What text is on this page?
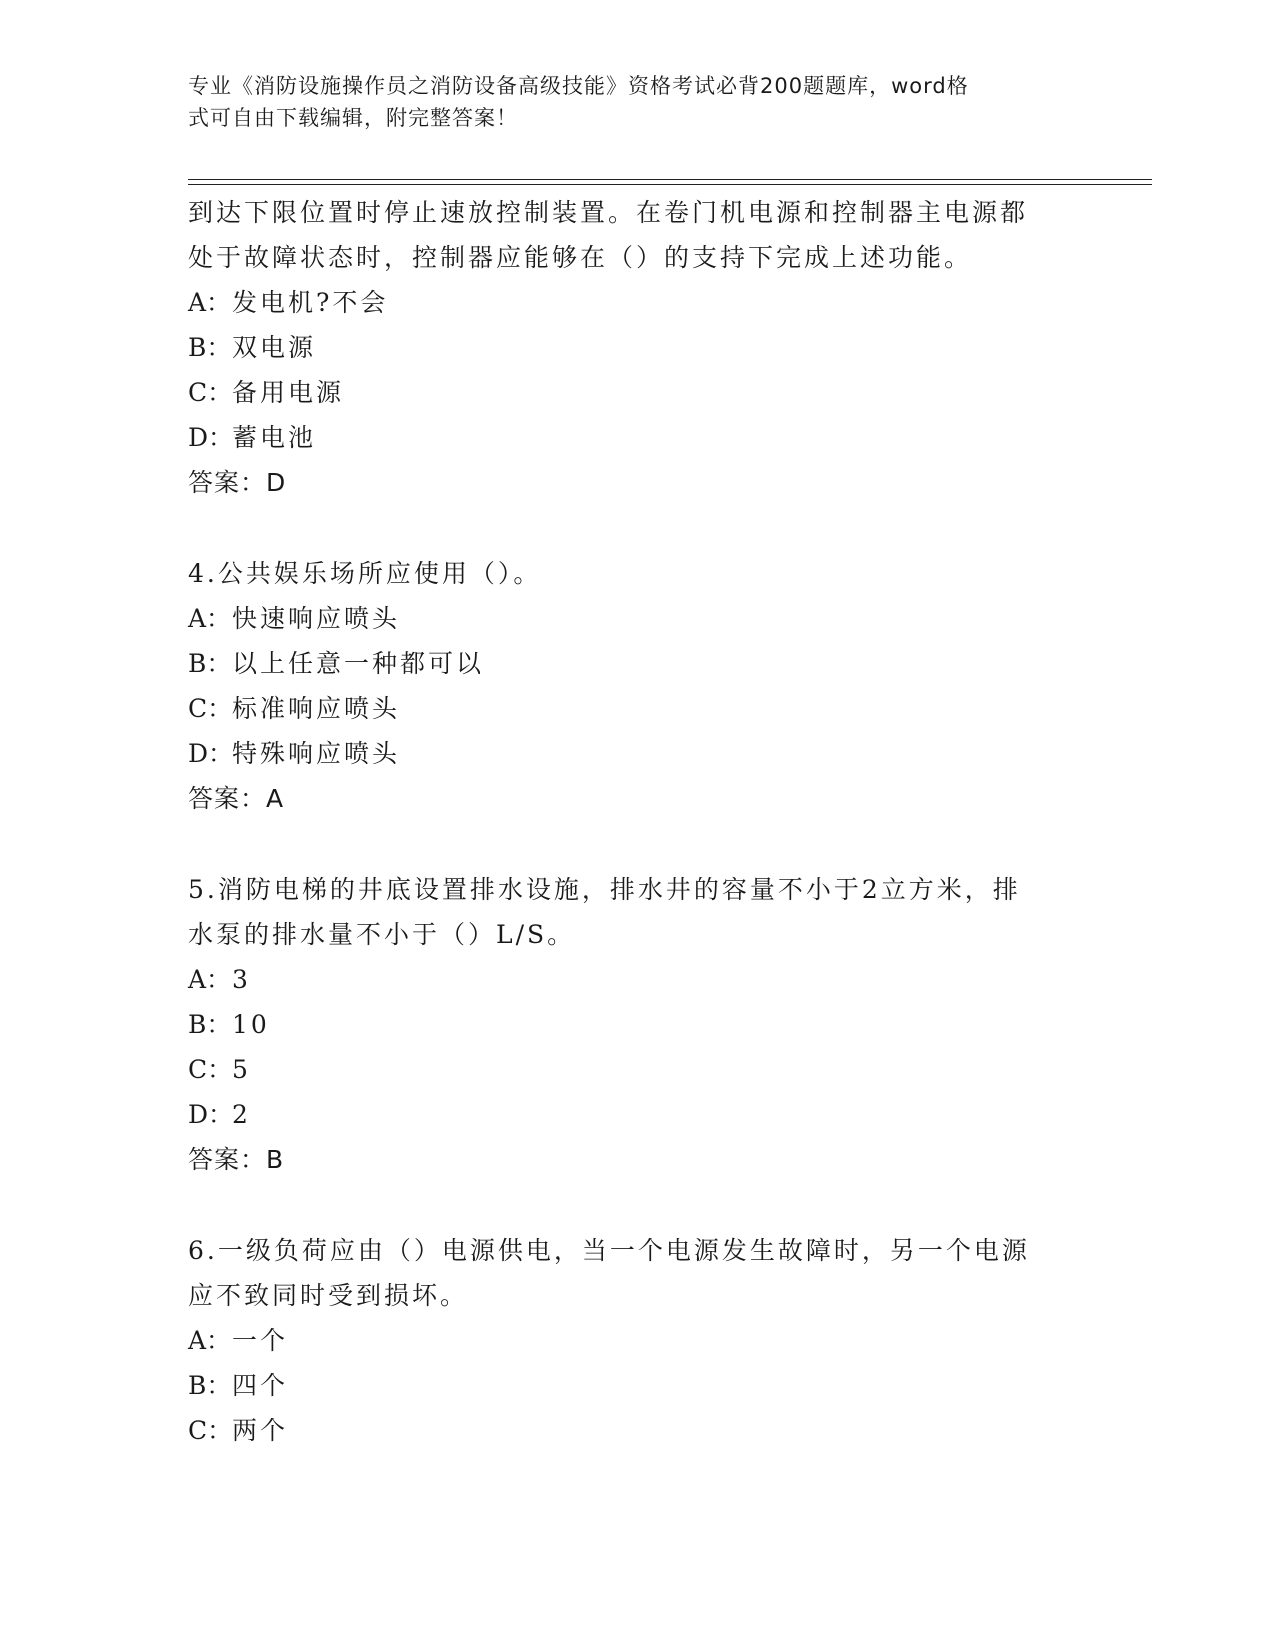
专业《消防设施操作员之消防设备高级技能》资格考试必背200题题库，word格
式可自由下载编辑，附完整答案！
到达下限位置时停止速放控制装置。在卷门机电源和控制器主电源都
处于故障状态时，控制器应能够在（）的支持下完成上述功能。
A：发电机?不会
B：双电源
C：备用电源
D：蓄电池
答案：D
4.公共娱乐场所应使用（）。
A：快速响应喷头
B：以上任意一种都可以
C：标准响应喷头
D：特殊响应喷头
答案：A
5.消防电梯的井底设置排水设施，排水井的容量不小于2立方米，排
水泵的排水量不小于（）L/S。
A：3
B：10
C：5
D：2
答案：B
6.一级负荷应由（）电源供电，当一个电源发生故障时，另一个电源
应不致同时受到损坏。
A：一个
B：四个
C：两个
